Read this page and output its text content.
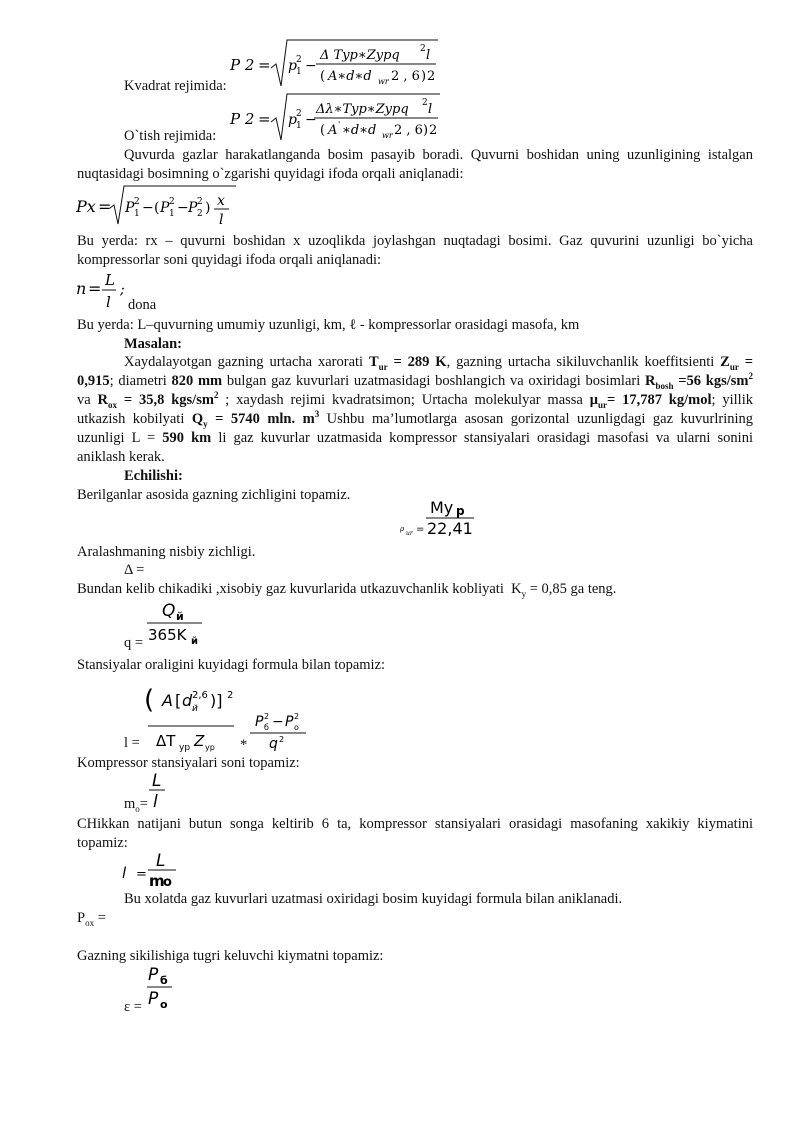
P 2 = p 1
2 −
Δ Typ∗Zypq 2 l
( A∗d∗d wr 2 , 6 ) 2
Kvadrat rejimida:
P 2 = p 1
2 −
Δλ∗Typ∗Zypq 2 l
( A ' ∗d∗d wr 2 , 6 ) 2
O`tish rejimida:
Quvurda gazlar harakatlanganda bosim pasayib boradi. Quvurni boshidan uning uzunligining istalgan nuqtasidagi bosimning o`zgarishi quyidagi ifoda orqali aniqlanadi:
Px = P 1
2 − ( P 1
2 − P 2
2 ) x
l
Bu yerda: rx – quvurni boshidan x uzoqlikda joylashgan nuqtadagi bosimi. Gaz quvurini uzunligi bo`yicha kompressorlar soni quyidagi ifoda orqali aniqlanadi:
n = L
l
;
dona
Bu yerda: L–quvurning umumiy uzunligi, km, ℓ - kompressorlar orasidagi masofa, km
Masalan:
Xaydalayotgan gazning urtacha xarorati $T_{ur} = 289$ K, gazning urtacha sikiluvchanlik koeffitsienti $Z_{ur} = 0,915$; diametri 820 mm bulgan gaz kuvurlari uzatmasidagi boshlangich va oxiridagi bosimlari $R_{bosh} =56$ kgs/$sm^2$ va $R_{ox} = 35,8$ kgs/$sm^2$ ; xaydash rejimi kvadratsimon; Urtacha molekulyar massa $\mu_{ur}= 17,787$ kg/mol; yillik utkazish kobilyati $Q_y = 5740$ mln. $m^3$ Ushbu ma’lumotlarga asosan gorizontal uzunligdagi gaz kuvurlrining uzunligi L = 590 km li gaz kuvurlar uzatmasida kompressor stansiyalari orasidagi masofasi va ularni sonini aniklash kerak.
Echilishi:
Berilganlar asosida gazning zichligini topamiz.
ρ
ur =
My p
22,41
Aralashmaning nisbiy zichligi.
Δ =
Bundan kelib chikadiki ,xisobiy gaz kuvurlarida utkazuvchanlik kobliyati $K_y = 0,85$ ga teng.
Q й
365K й
q =
Stansiyalar oraligini kuyidagi formula bilan topamiz:
( A [ d й
2,6 )] 2
ΔT ур Z ур
P б
2 − P о
2
q 2
l =	*
Kompressor stansiyalari soni topamiz:
L
l
$m_o=$
CHikkan natijani butun songa keltirib 6 ta, kompressor stansiyalari orasidagi masofaning xakikiy kiymatini topamiz:
l =
L
m
o
Bu xolatda gaz kuvurlari uzatmasi oxiridagi bosim kuyidagi formula bilan aniklanadi.
$P_{ox}$ =
Gazning sikilishiga tugri keluvchi kiymatni topamiz:
P б
P о
ε =
